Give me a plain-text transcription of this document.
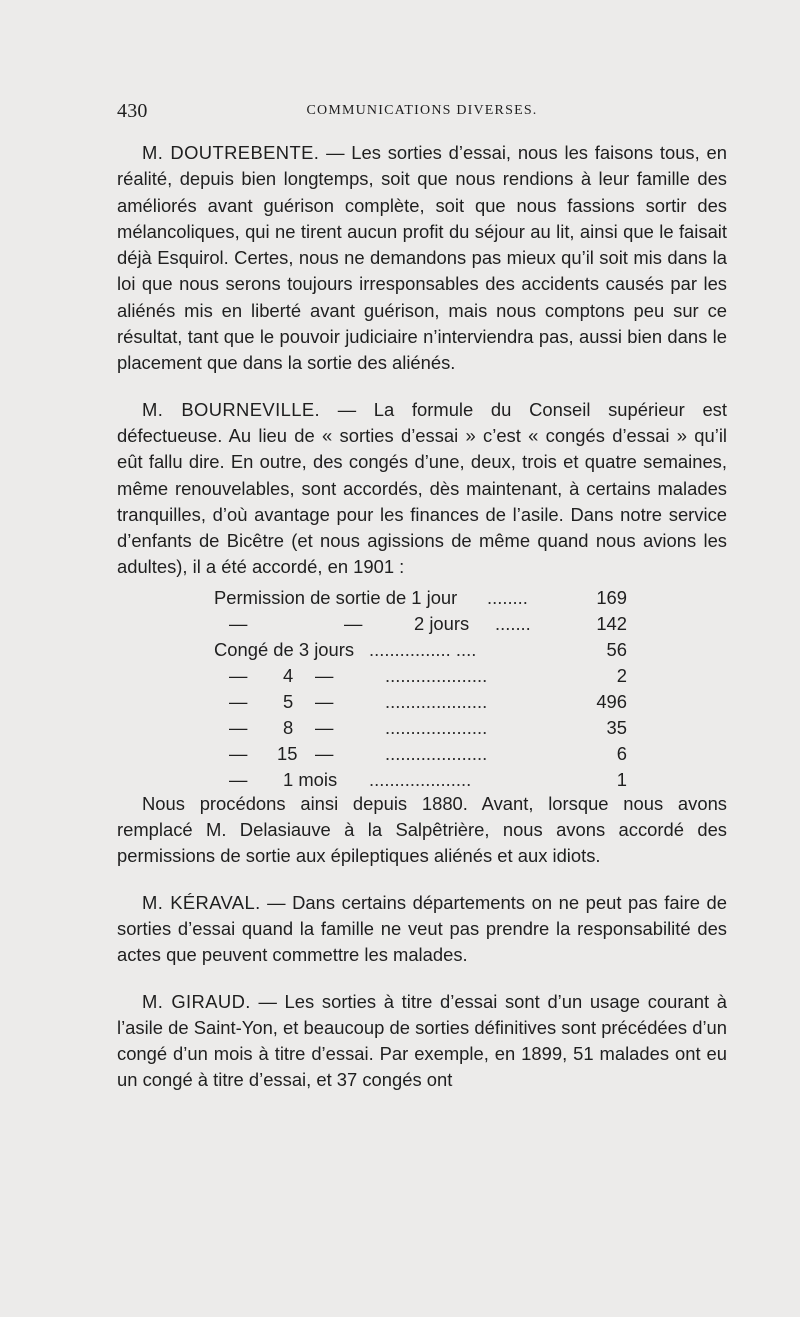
430	COMMUNICATIONS DIVERSES.

M. DOUTREBENTE. — Les sorties d’essai, nous les faisons tous, en réalité, depuis bien longtemps, soit que nous rendions à leur famille des améliorés avant guérison complète, soit que nous fassions sortir des mélancoliques, qui ne tirent aucun profit du séjour au lit, ainsi que le faisait déjà Esquirol. Certes, nous ne demandons pas mieux qu’il soit mis dans la loi que nous serons toujours irresponsables des accidents causés par les aliénés mis en liberté avant guérison, mais nous comptons peu sur ce résultat, tant que le pouvoir judiciaire n’interviendra pas, aussi bien dans le placement que dans la sortie des aliénés.

M. BOURNEVILLE. — La formule du Conseil supérieur est défectueuse. Au lieu de « sorties d’essai » c’est « congés d’essai » qu’il eût fallu dire. En outre, des congés d’une, deux, trois et quatre semaines, même renouvelables, sont accordés, dès maintenant, à certains malades tranquilles, d’où avantage pour les finances de l’asile. Dans notre service d’enfants de Bicêtre (et nous agissions de même quand nous avions les adultes), il a été accordé, en 1901 :

Permission de sortie de 1 jour ........	169
—	—	2 jours .......	142
Congé de 3 jours ................ ....	56
— 4 —	....................	2
— 5 —	....................	496
— 8 —	....................	35
— 15 —	....................	6
— 1 mois ....................	1

Nous procédons ainsi depuis 1880. Avant, lorsque nous avons remplacé M. Delasiauve à la Salpêtrière, nous avons accordé des permissions de sortie aux épileptiques aliénés et aux idiots.

M. KÉRAVAL. — Dans certains départements on ne peut pas faire de sorties d’essai quand la famille ne veut pas prendre la responsabilité des actes que peuvent commettre les malades.

M. GIRAUD. — Les sorties à titre d’essai sont d’un usage courant à l’asile de Saint-Yon, et beaucoup de sorties définitives sont précédées d’un congé d’un mois à titre d’essai. Par exemple, en 1899, 51 malades ont eu un congé à titre d’essai, et 37 congés ont
